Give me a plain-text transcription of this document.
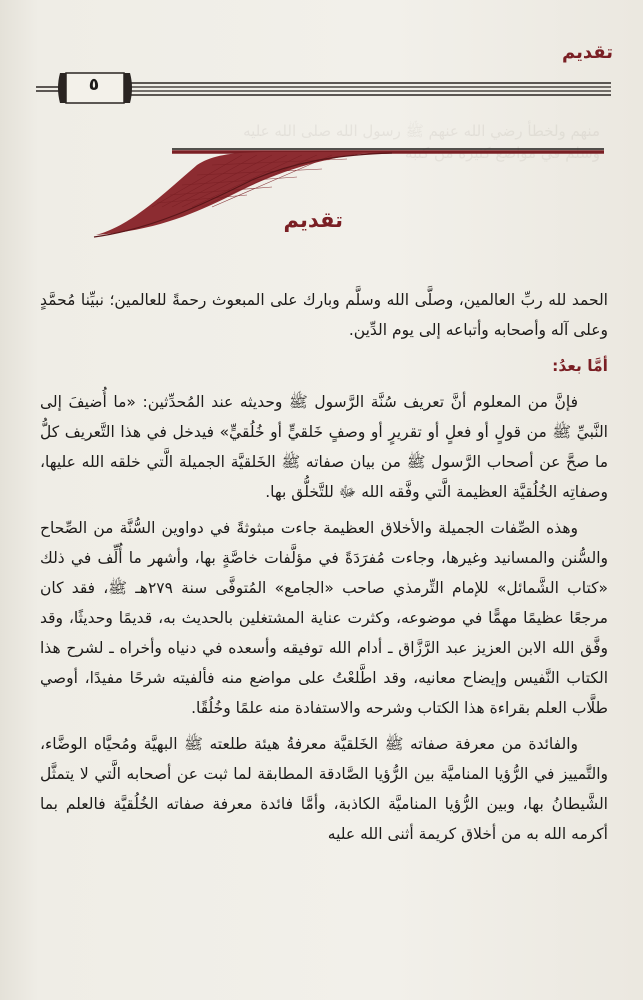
منهم ولخطأ رضي الله عنهم ﷺ رسول الله صلى الله عليه
وسلم في مواضع كثيرة من كتبه
تقديم
٥
تقديم

الحمد لله ربِّ العالمين، وصلَّى الله وسلَّم وبارك على المبعوث رحمةً للعالمين؛ نبيِّنا مُحمَّدٍ وعلى آله وأصحابه وأتباعه إلى يوم الدِّين.

أمَّا بعدُ:

فإنَّ من المعلوم أنَّ تعريف سُنَّة الرَّسول ﷺ وحديثه عند المُحدِّثين: «ما أُضيفَ إلى النَّبيِّ ﷺ من قولٍ أو فعلٍ أو تقريرٍ أو وصفٍ خَلقيٍّ أو خُلُقيٍّ» فيدخل في هذا التَّعريف كلُّ ما صحَّ عن أصحاب الرَّسول ﷺ من بيان صفاته ﷺ الخَلقيَّة الجميلة الَّتي خلقه الله عليها، وصفاتِه الخُلُقيَّة العظيمة الَّتي وفَّقه الله ﷻ للتَّخلُّق بها.

وهذه الصِّفات الجميلة والأخلاق العظيمة جاءت مبثوثةً في دواوين السُّنَّة من الصِّحاح والسُّنن والمسانيد وغيرها، وجاءت مُفرَدَةً في مؤلَّفات خاصَّةٍ بها، وأشهر ما أُلِّف في ذلك «كتاب الشَّمائل» للإمام التِّرمذي صاحب «الجامع» المُتوفَّى سنة ٢٧٩هـ ﷺ، فقد كان مرجعًا عظيمًا مهمًّا في موضوعه، وكثرت عناية المشتغلين بالحديث به، قديمًا وحديثًا، وقد وفَّق الله الابن العزيز عبد الرَّزَّاق ـ أدام الله توفيقه وأسعده في دنياه وأخراه ـ لشرح هذا الكتاب النَّفيس وإيضاح معانيه، وقد اطَّلعْتُ على مواضع منه فألفيته شرحًا مفيدًا، أوصي طلَّاب العلم بقراءة هذا الكتاب وشرحه والاستفادة منه علمًا وخُلُقًا.

والفائدة من معرفة صفاته ﷺ الخَلقيَّة معرفةُ هيئة طلعته ﷺ البهيَّة ومُحيَّاه الوضَّاء، والتَّمييز في الرُّؤيا المناميَّة بين الرُّؤيا الصَّادقة المطابقة لما ثبت عن أصحابه الَّتي لا يتمثَّل الشَّيطانُ بها، وبين الرُّؤيا المناميَّة الكاذبة، وأمَّا فائدة معرفة صفاته الخُلُقيَّة فالعلم بما أكرمه الله به من أخلاق كريمة أثنى الله عليه
